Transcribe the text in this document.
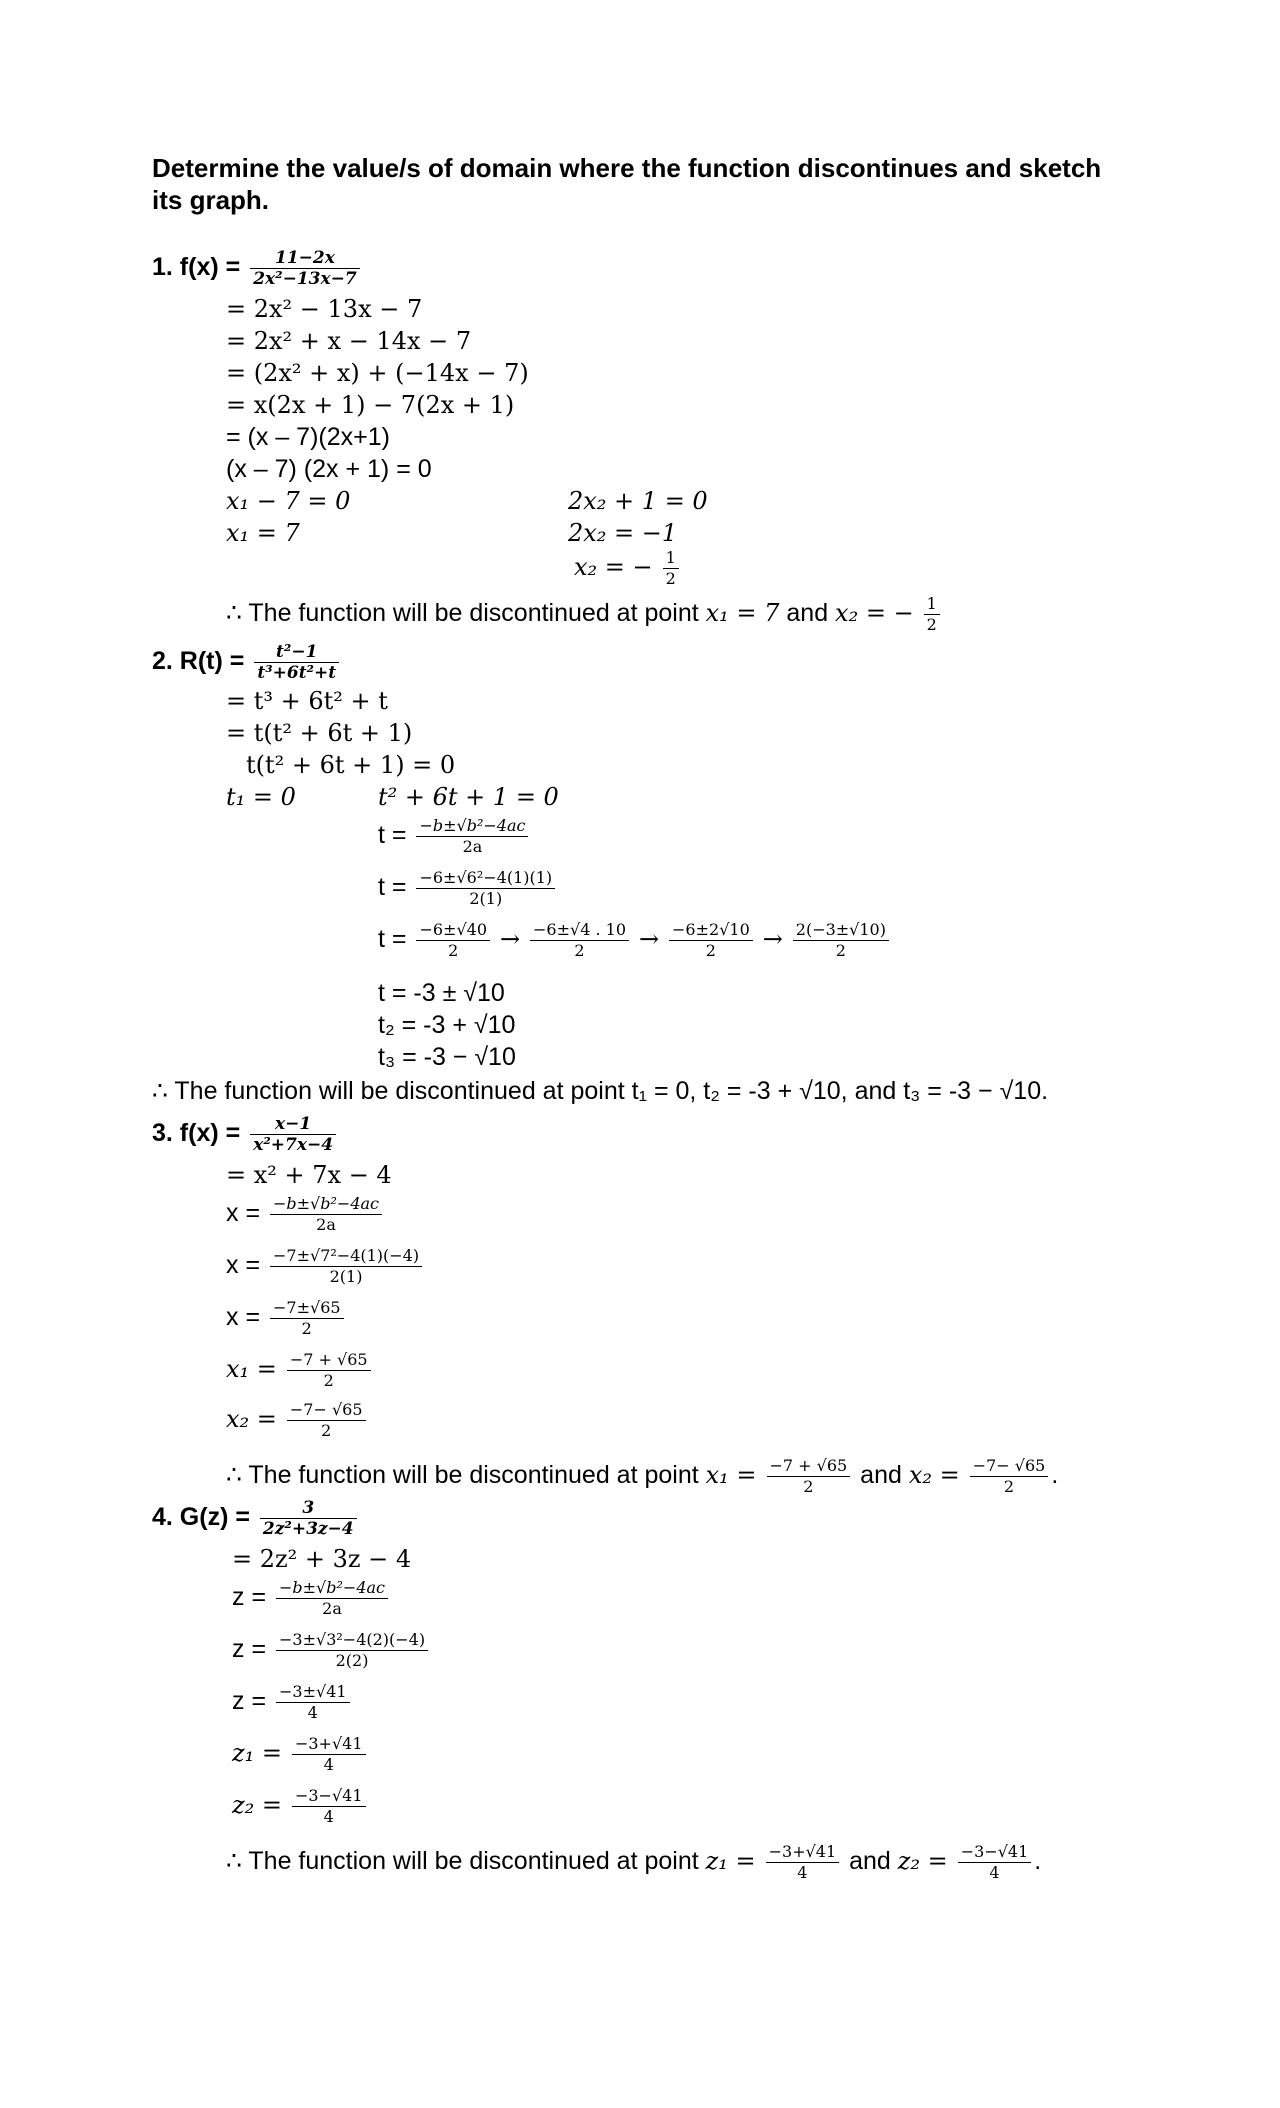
Determine the value/s of domain where the function discontinues and sketch its graph.
1. $f(x) = \frac{11-2x}{\text{2x²−13x−7}}$
= 2x² − 13x − 7
= 2x² + x − 14x − 7
= (2x² + x) + (−14x − 7)
= x(2x + 1) − 7(2x + 1)
= (x – 7)(2x+1)
(x – 7) (2x + 1) = 0
x₁ − 7 = 0
x₁ = 7
2x₂ + 1 = 0
2x₂ = −1
x₂ = − $\frac{1}{2}$
∴ The function will be discontinued at point x₁ = 7 and x₂ = − $\frac{1}{2}$
2. $R(t) = \frac{\text{t²−1}}{\text{t³+6t²+t}}$
= t³ + 6t² + t
= t(t² + 6t + 1)
t(t² + 6t + 1) = 0
t₁ = 0	t² + 6t + 1 = 0
$t = \frac{\text{−b±√b²−4ac}}{2a}$
$t = \frac{\text{−6±√6²−4(1)(1)}}{2(1)}$
$t = \frac{-6\pm√40}{2} \to \frac{-6\pm√4 . 10}{2} \to \frac{-6\pm 2√10}{2} \to \frac{2(-3\pm√10)}{2}$
t = -3 ± √10
t₂ = -3 + √10
t₃ = -3 − √10
∴ The function will be discontinued at point t₁ = 0, t₂ = -3 + √10, and t₃ = -3 − √10.
3. $f(x) = \frac{x-1}{\text{x²+7x−4}}$
= x² + 7x − 4
$x = \frac{\text{−b±√b²−4ac}}{2a}$
$x = \frac{\text{−7±√7²−4(1)(−4)}}{2(1)}$
$x = \frac{-7\pm√65}{2}$
$x_1 = \frac{-7 + √65}{2}$
$x_2 = \frac{-7- √65}{2}$
∴ The function will be discontinued at point $x_1 = \frac{-7 + √65}{2}$ and $x_2 = \frac{-7- √65}{2}$ .
4. $G(z) = \frac{3}{\text{2z²+3z−4}}$
= 2z² + 3z − 4
$z = \frac{\text{−b±√b²−4ac}}{2a}$
$z = \frac{\text{−3±√3²−4(2)(−4)}}{2(2)}$
$z = \frac{-3\pm√41}{4}$
$z_1 = \frac{-3+√41}{4}$
$z_2 = \frac{-3-√41}{4}$
∴ The function will be discontinued at point $z_1 = \frac{-3+√41}{4}$ and $z_2 = \frac{-3-√41}{4}$ .
